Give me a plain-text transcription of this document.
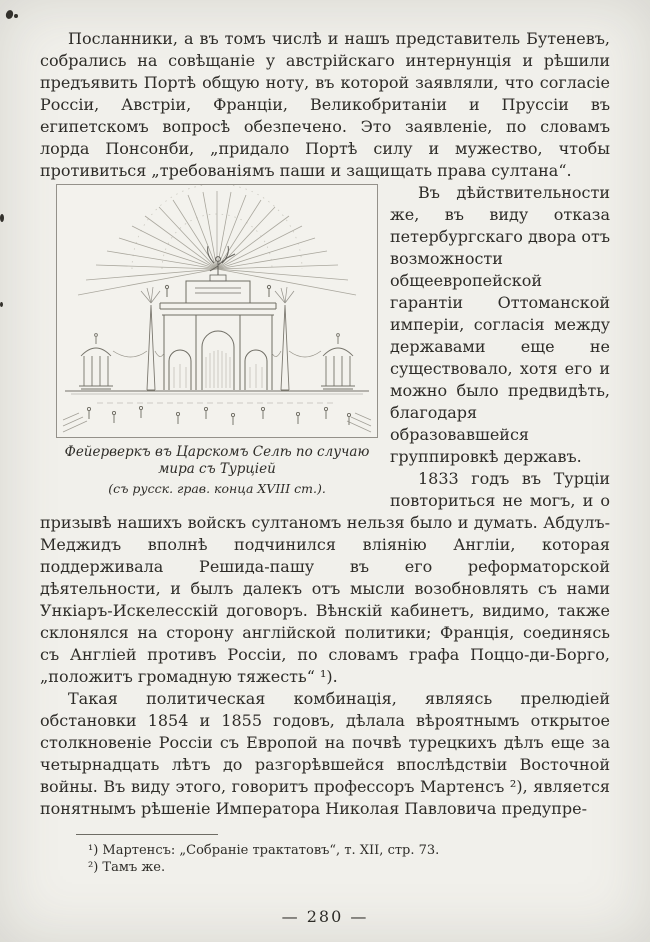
Посланники, а въ томъ числѣ и нашъ представитель Бутеневъ, собрались на совѣщаніе у австрійскаго интернунція и рѣшили предъявить Портѣ общую ноту, въ которой заявляли, что согласіе Россіи, Австріи, Франціи, Великобританіи и Пруссіи въ египетскомъ вопросѣ обезпечено. Это заявленіе, по словамъ лорда Понсонби, „придало Портѣ силу и мужество, чтобы противиться „требованіямъ паши и защищать права султана“.

Фейерверкъ въ Царскомъ Селѣ по случаю мира съ Турціей
(съ русск. грав. конца XVIII ст.).

Въ дѣйствительности же, въ виду отказа петербургскаго двора отъ возможности общеевропейской гарантіи Оттоманской имперіи, согласія между державами еще не существовало, хотя его и можно было предвидѣть, благодаря образовавшейся группировкѣ державъ.

1833 годъ въ Турціи повториться не могъ, и о призывѣ нашихъ войскъ султаномъ нельзя было и думать. Абдулъ-Меджидъ вполнѣ подчинился вліянію Англіи, которая поддерживала Решида-пашу въ его реформаторской дѣятельности, и былъ далекъ отъ мысли возобновлять съ нами Ункіаръ-Искелесскій договоръ. Вѣнскій кабинетъ, видимо, также склонялся на сторону англійской политики; Франція, соединясь съ Англіей противъ Россіи, по словамъ графа Поццо-ди-Борго, „положитъ громадную тяжесть“ ¹).

Такая политическая комбинація, являясь прелюдіей обстановки 1854 и 1855 годовъ, дѣлала вѣроятнымъ открытое столкновеніе Россіи съ Европой на почвѣ турецкихъ дѣлъ еще за четырнадцать лѣтъ до разгорѣвшейся впослѣдствіи Восточной войны. Въ виду этого, говоритъ профессоръ Мартенсъ ²), является понятнымъ рѣшеніе Императора Николая Павловича предупре-

¹) Мартенсъ: „Собраніе трактатовъ“, т. XII, стр. 73.
²) Тамъ же.
— 280 —
